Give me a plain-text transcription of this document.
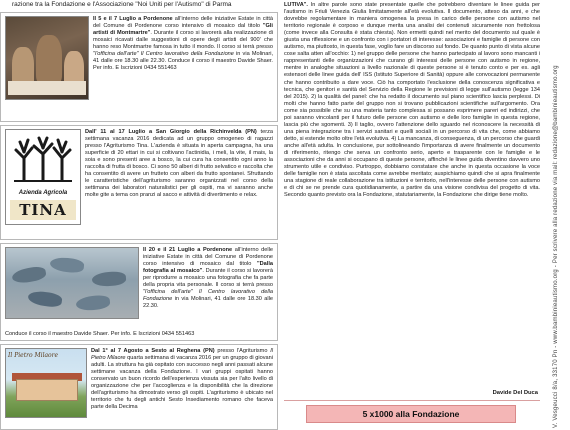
razione tra la Fondazione e l'Associazione "Noi Uniti per l'Autismo" di Parma
Il 5 e il 7 Luglio a Pordenone all'interno delle iniziative Estate in città del Comune di Pordenone corso intensivo di mosaico dal titolo "Gli artisti di Montmartre". Durante il corso si lavorerà alla realizzazione di mosaici ricavati dalle suggestioni di opere degli artisti del 900' che hanno reso Montmartre famosa in tutto il mondo. Il corso si terrà presso "l'officina dell'arte" Il Centro lavorativo della Fondazione in via Molinari, 41 dalle ore 18.30 alle 22.30. Conduce il corso il maestro Davide Shaer. Per info. E Iscrizioni 0434 551463
Azienda Agricola
TINA
Dall' 11 al 17 Luglio a San Giorgio della Richinvelda (PN) terza settimana vacanza 2016 dedicata ad un gruppo omogeneo di ragazzi presso l'Agriturismo Tina. L'azienda è situata in aperta campagna, ha una superficie di 20 ettari in cui si coltivano l'actinidia, i meli, la vite, il mais, la soia e sono presenti aree a bosco, la cui cura ha consentito ogni anno la raccolta di frutta di bosco. Ci sono 50 alberi di frutto selvatico e raccolta che ha consentito di avere un frutteto con alberi da frutto spontanei. Sfruttando le caratteristiche dell'agriturismo saranno organizzati nel corso della settimana dei laboratori naturalistici per gli ospiti, ma vi saranno anche molte gite a tema con pranzi al sacco e attività di divertimento e relax.
Il 20 e il 21 Luglio a Pordenone all'interno delle iniziative Estate in città del Comune di Pordenone corso intensivo di mosaico dal titolo "Dalla fotografia al mosaico". Durante il corso si lavorerà per riprodurre a mosaico una fotografia che fa parte della propria vita personale. Il corso si terrà presso "l'officina dell'arte" Il Centro lavorativo della Fondazione in via Molinari, 41 dalle ore 18.30 alle 22.30.
Conduce il corso il maestro Davide Shaer. Per info. E Iscrizioni 0434 551463
Il Pietro Milaore
Dal 1° al 7 Agosto a Sesto al Reghena (PN) presso l'Agriturismo Il Pietro Milaore quarta settimana di vacanza 2016 per un gruppo di giovani adulti. La struttura ha già ospitato con successo negli anni passati alcune settimane vacanza della Fondazione. I vari gruppi ospitati hanno conservato un buon ricordo dell'esperienza vissuta sia per l'alto livello di organizzazione che per l'accoglienza e la disponibilità che la direzione dell'agriturismo ha dimostrato verso gli ospiti. L'agriturismo è ubicato nel territorio che fu degli antichi Sesto Insediamento romano che faceva parte della Decima
LUTIVA". In altre parole sono state presentate quelle che potrebbero diventare le linee guida per l'autismo in Friuli Venezia Giulia limitatamente all'età evolutiva. Il documento, atteso da anni, e che dovrebbe regolamentare in maniera omogenea la presa in carico delle persone con autismo nel territorio regionale è corposo e dunque merita una analisi dei contenuti sicuramente non frettolosa (come invece alla Consulta è stata chiesta). Non ermetti quindi nel merito del documento sul quale è giusta una riflessione e un confronto con i portatori di interesse: associazioni e famiglie di persone con autismo, ma piuttosto, in questa fase, voglio fare un discorso sul fondo. De quanto punto di vista alcune cose salta atten all'occhio: 1) nel gruppo delle persone che hanno partecipato al lavoro sono mancanti i rappresentanti delle organizzazioni che curano gli interessi delle persone con autismo in regione, mentre in analoghe situazioni a livello nazionale di queste persone si è tenuto conto e per es. agli estensori delle linee guida dell' ISS (Istituto Superiore di Sanità) oppure alle convocazioni permanente che hanno contribuito a dare voce. Ciò ha comportato l'esclusione della conoscenza significativa e tecnica, che genitori e sanità del Servizio della Regione le previsioni di legge sull'autismo (legge 134 del 2015). 2) la qualità del panel: che ha redatto il documento sul piano scientifico lascia perplessi. Di molti che hanno fatto parte del gruppo non si trovano pubblicazioni scientifiche sull'argomento. Ora come sia possibile che su una materia tanto complessa si possano esprimere pareri ed indirizzi, che poi saranno vincolanti per il futuro delle persone con autismo e delle loro famiglie in questa regione, lascia più che sgomenti. 3) Il taglio, ovvero l'attenzione dello sguardo nel riconoscere la necessità di una piena integrazione tra i servizi sanitari e quelli sociali in un percorso di vita che, come abbiamo detto, si estende molto oltre l'età evolutiva. 4) La mancanza, di conseguenza, di un percorso che guardi anche all'età adulta. In conclusione, pur sottolineando l'importanza di avere finalmente un documento di riferimento, ritengo che serva un confronto serio, aperto e trasparente con le famiglie e le associazioni che da anni si occupano di queste persone, affinché le linee guida diventino davvero uno strumento utile e condiviso. Purtroppo, dobbiamo constatare che anche in questa occasione la voce delle famiglie non è stata ascoltata come avrebbe meritato; auspichiamo quindi che si apra finalmente una stagione di reale collaborazione tra istituzioni e territorio, nell'interesse delle persone con autismo e di chi se ne prende cura quotidianamente, a partire da una visione condivisa del progetto di vita. Secondo quanto previsto ora la Fondazione, statutariamente, la Fondazione che dirige tiene molto.
Davide Del Duca
5 x1000 alla Fondazione	V. Vesgeucci 8/a, 33170 Pn - www.bambinieautismo.org - Per scrivere alla redazione via mail: redazione@bambinieautismo.org
